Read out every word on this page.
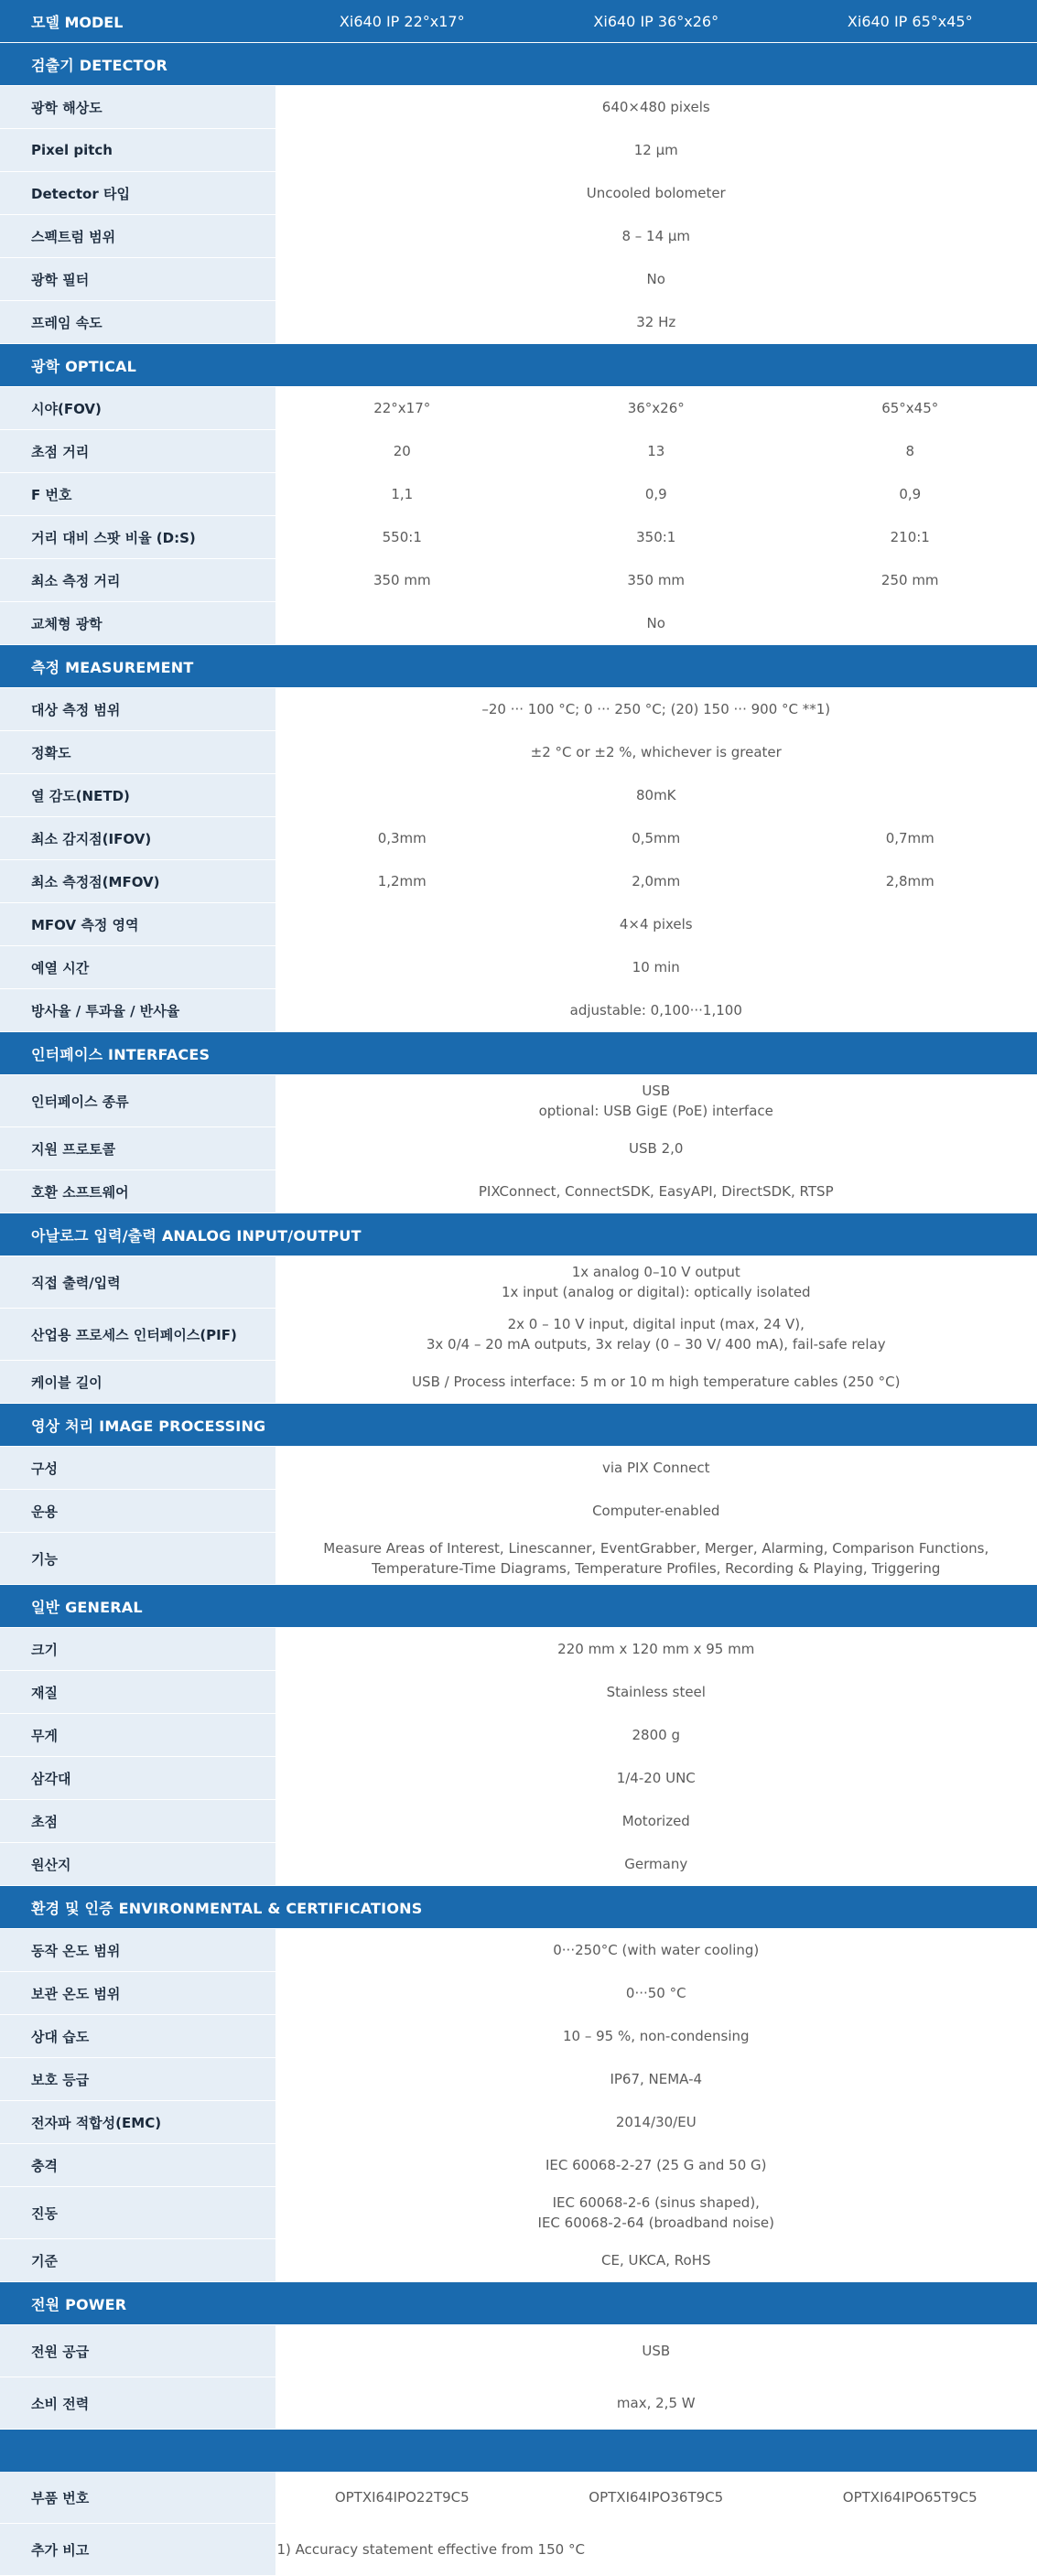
모델 MODEL	Xi640 IP 22°x17°	Xi640 IP 36°x26°	Xi640 IP 65°x45°
검출기 DETECTOR			
광학 해상도	640×480 pixels		
Pixel pitch	12 µm		
Detector 타입	Uncooled bolometer		
스펙트럼 범위	8 – 14 µm		
광학 필터	No		
프레임 속도	32 Hz		
광학 OPTICAL			
시야(FOV)	22°x17°	36°x26°	65°x45°
초점 거리	20	13	8
F 번호	1,1	0,9	0,9
거리 대비 스팟 비율 (D:S)	550:1	350:1	210:1
최소 측정 거리	350 mm	350 mm	250 mm
교체형 광학	No		
측정 MEASUREMENT			
대상 측정 범위	–20 ··· 100 °C; 0 ··· 250 °C; (20) 150 ··· 900 °C **1)		
정확도	±2 °C or ±2 %, whichever is greater		
열 감도(NETD)	80mK		
최소 감지점(IFOV)	0,3mm	0,5mm	0,7mm
최소 측정점(MFOV)	1,2mm	2,0mm	2,8mm
MFOV 측정 영역	4×4 pixels		
예열 시간	10 min		
방사율 / 투과율 / 반사율	adjustable: 0,100···1,100		
인터페이스 INTERFACES			
인터페이스 종류	USB
optional: USB GigE (PoE) interface		

지원 프로토콜	USB 2,0		
호환 소프트웨어	PIXConnect, ConnectSDK, EasyAPI, DirectSDK, RTSP		
아날로그 입력/출력 ANALOG INPUT/OUTPUT			
직접 출력/입력	1x analog 0–10 V output
1x input (analog or digital): optically isolated		

산업용 프로세스 인터페이스(PIF)	2x 0 – 10 V input, digital input (max, 24 V),
3x 0/4 – 20 mA outputs, 3x relay (0 – 30 V/ 400 mA), fail-safe relay		

케이블 길이	USB / Process interface: 5 m or 10 m high temperature cables (250 °C)		
영상 처리 IMAGE PROCESSING			
구성	via PIX Connect		
운용	Computer-enabled		
기능	Measure Areas of Interest, Linescanner, EventGrabber, Merger, Alarming, Comparison Functions,
Temperature-Time Diagrams, Temperature Profiles, Recording & Playing, Triggering		

일반 GENERAL			
크기	220 mm x 120 mm x 95 mm		
재질	Stainless steel		
무게	2800 g		
삼각대	1/4-20 UNC		
초점	Motorized		
원산지	Germany		
환경 및 인증 ENVIRONMENTAL & CERTIFICATIONS			
동작 온도 범위	0···250°C (with water cooling)		
보관 온도 범위	0···50 °C		
상대 습도	10 – 95 %, non-condensing		
보호 등급	IP67, NEMA-4		
전자파 적합성(EMC)	2014/30/EU		
충격	IEC 60068-2-27 (25 G and 50 G)		
진동	IEC 60068-2-6 (sinus shaped),
IEC 60068-2-64 (broadband noise)		

기준	CE, UKCA, RoHS		
전원 POWER			
전원 공급	USB		
소비 전력	max, 2,5 W		

부품 번호	OPTXI64IPO22T9C5	OPTXI64IPO36T9C5	OPTXI64IPO65T9C5
추가 비고	1) Accuracy statement effective from 150 °C		
